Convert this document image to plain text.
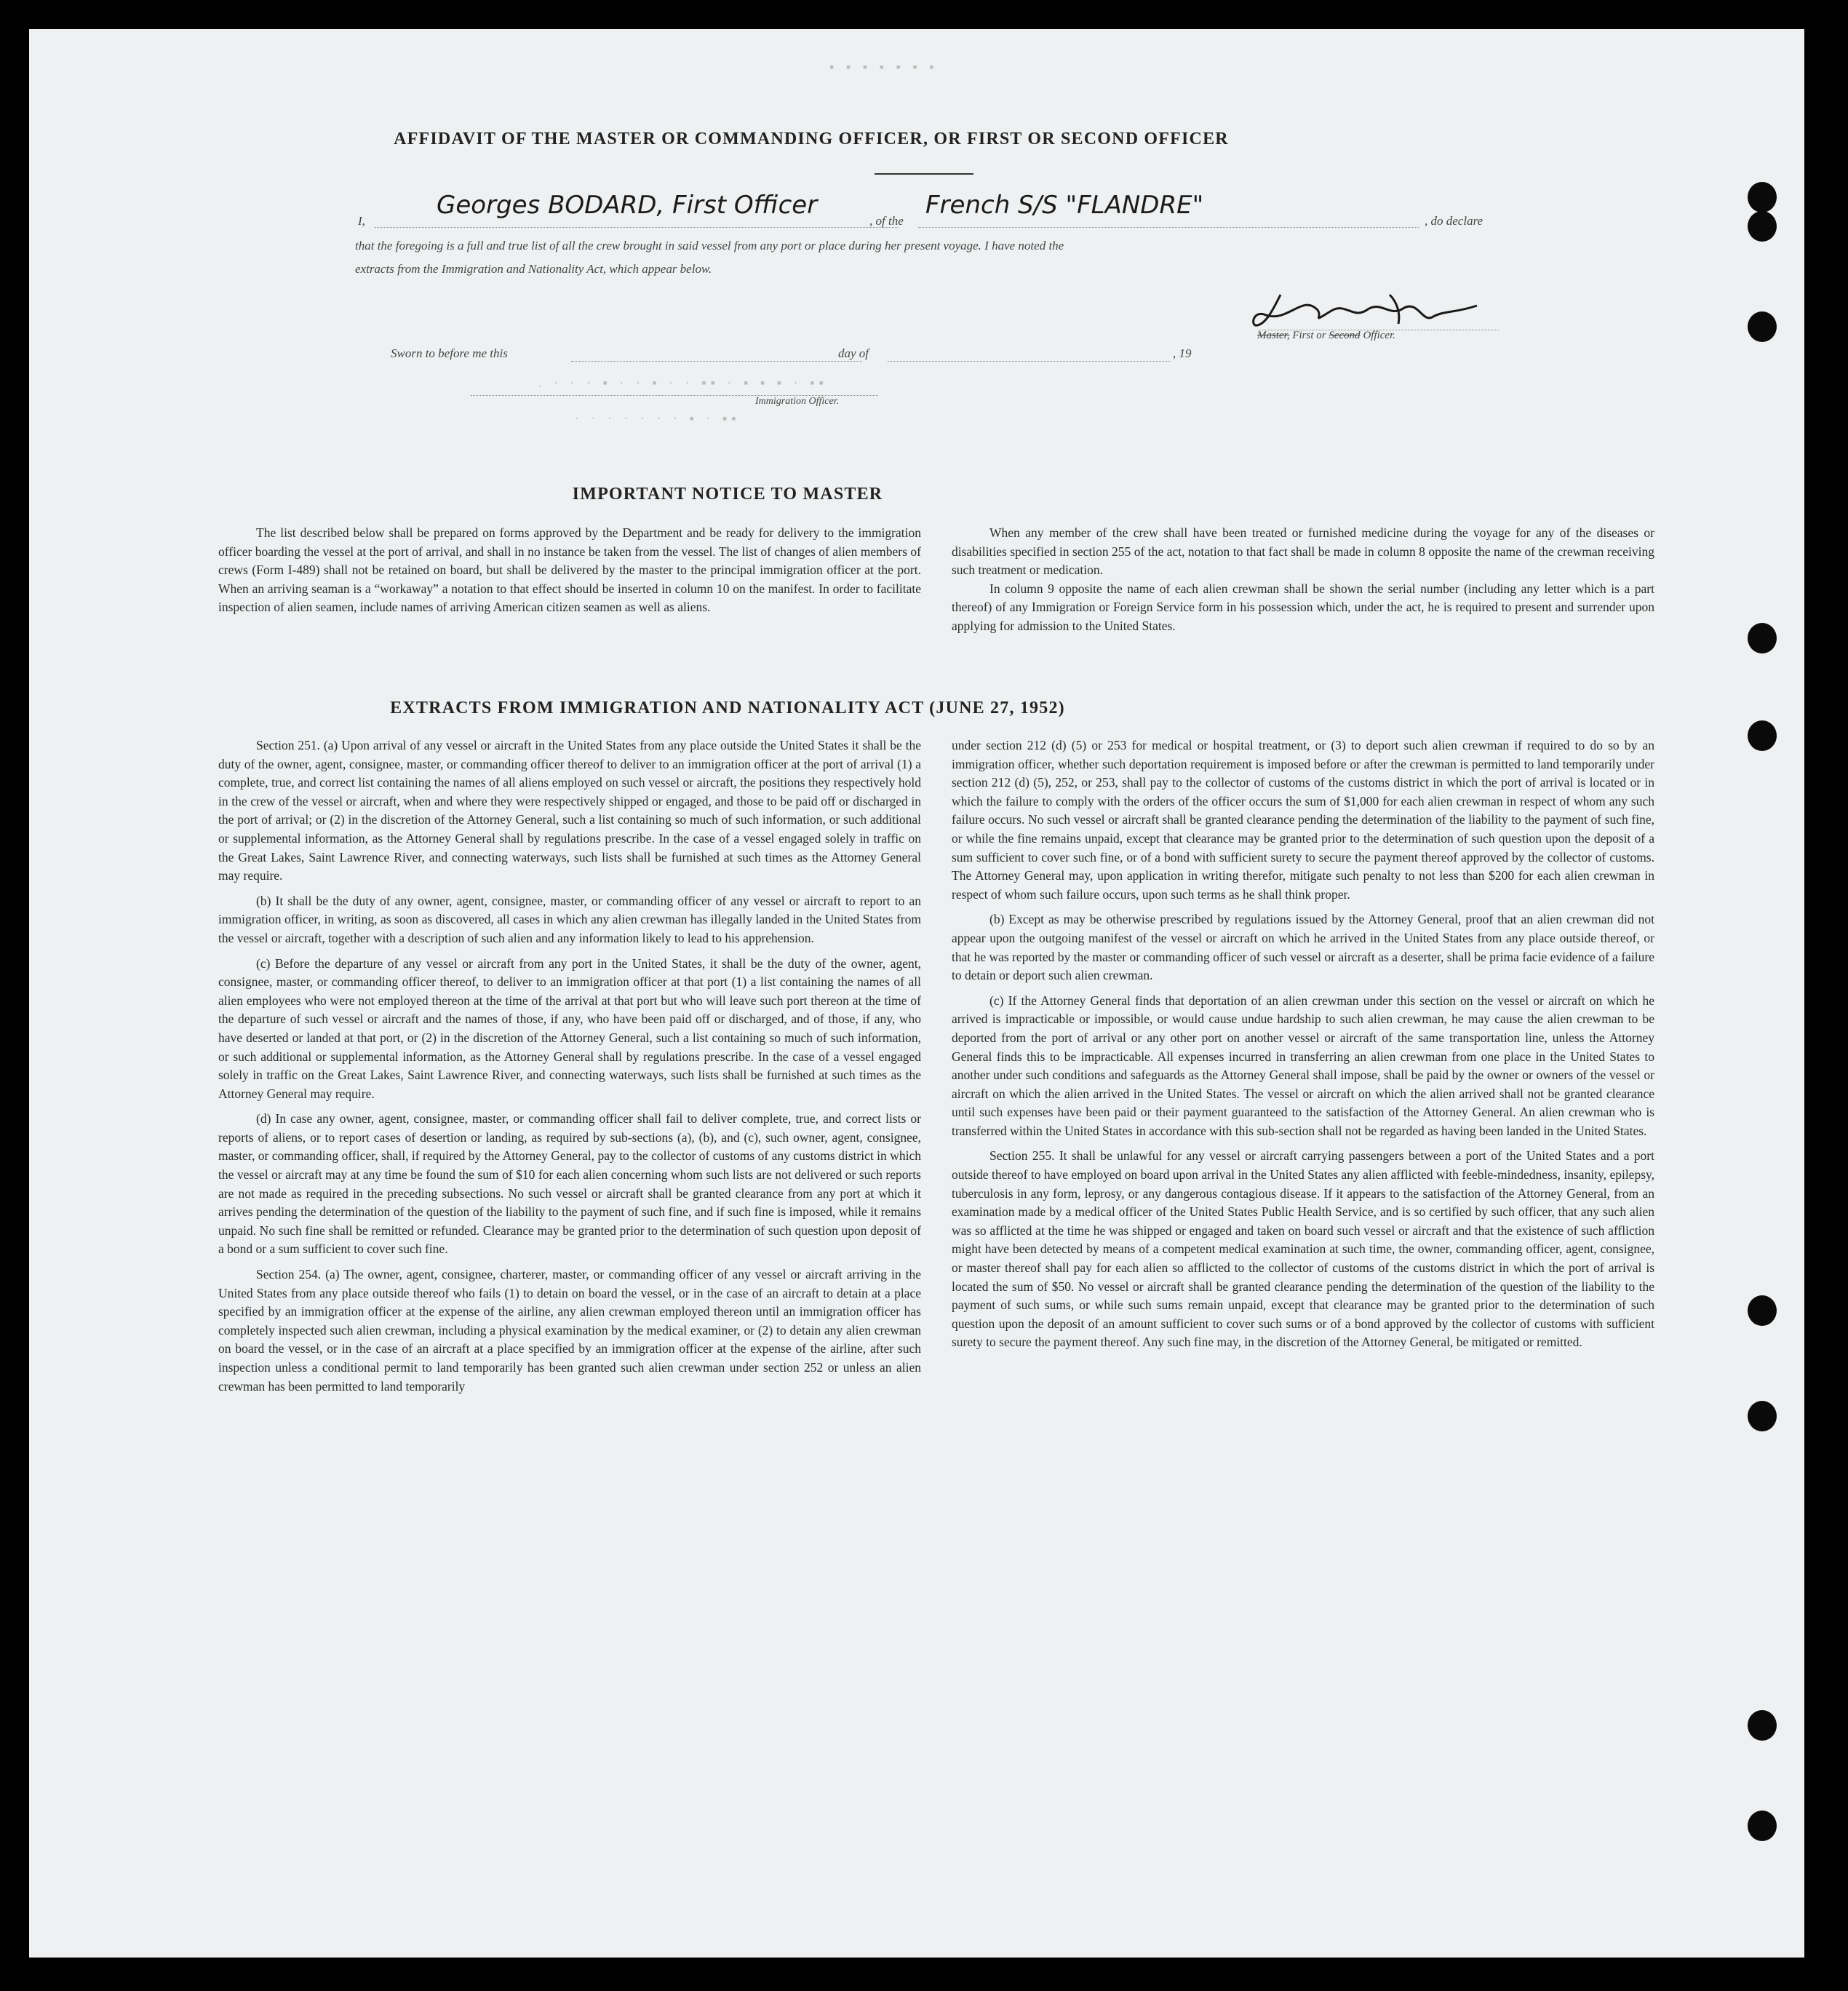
▪ ▪ ▪ ▪ ▪ ▪ ▪
AFFIDAVIT OF THE MASTER OR COMMANDING OFFICER, OR FIRST OR SECOND OFFICER
I,
Georges BODARD, First Officer
, of the
French S/S "FLANDRE"
, do declare
that the foregoing is a full and true list of all the crew brought in said vessel from any port or place during her present voyage. I have noted the
extracts from the Immigration and Nationality Act, which appear below.
Master, First or Second Officer.
Sworn to before me this	day of	, 19
Immigration Officer.
. · · · ▪ · · ▪ · · ▪▪ · ▪ ▪ ▪ · ▪▪
· · · · · · · ▪ · ▪▪
IMPORTANT NOTICE TO MASTER

The list described below shall be prepared on forms approved by the Department and be ready for delivery to the immigration officer boarding the vessel at the port of arrival, and shall in no instance be taken from the vessel. The list of changes of alien members of crews (Form I-489) shall not be retained on board, but shall be delivered by the master to the principal immigration officer at the port. When an arriving seaman is a “workaway” a notation to that effect should be inserted in column 10 on the manifest. In order to facilitate inspection of alien seamen, include names of arriving American citizen seamen as well as aliens.

When any member of the crew shall have been treated or furnished medicine during the voyage for any of the diseases or disabilities specified in section 255 of the act, notation to that fact shall be made in column 8 opposite the name of the crewman receiving such treatment or medication.

In column 9 opposite the name of each alien crewman shall be shown the serial number (including any letter which is a part thereof) of any Immigration or Foreign Service form in his possession which, under the act, he is required to present and surrender upon applying for admission to the United States.

EXTRACTS FROM IMMIGRATION AND NATIONALITY ACT (JUNE 27, 1952)

Section 251. (a) Upon arrival of any vessel or aircraft in the United States from any place outside the United States it shall be the duty of the owner, agent, consignee, master, or commanding officer thereof to deliver to an immigration officer at the port of arrival (1) a complete, true, and correct list containing the names of all aliens employed on such vessel or aircraft, the positions they respectively hold in the crew of the vessel or aircraft, when and where they were respectively shipped or engaged, and those to be paid off or discharged in the port of arrival; or (2) in the discretion of the Attorney General, such a list containing so much of such information, or such additional or supplemental information, as the Attorney General shall by regulations prescribe. In the case of a vessel engaged solely in traffic on the Great Lakes, Saint Lawrence River, and connecting waterways, such lists shall be furnished at such times as the Attorney General may require.

(b) It shall be the duty of any owner, agent, consignee, master, or commanding officer of any vessel or aircraft to report to an immigration officer, in writing, as soon as discovered, all cases in which any alien crewman has illegally landed in the United States from the vessel or aircraft, together with a description of such alien and any information likely to lead to his apprehension.

(c) Before the departure of any vessel or aircraft from any port in the United States, it shall be the duty of the owner, agent, consignee, master, or commanding officer thereof, to deliver to an immigration officer at that port (1) a list containing the names of all alien employees who were not employed thereon at the time of the arrival at that port but who will leave such port thereon at the time of the departure of such vessel or aircraft and the names of those, if any, who have been paid off or discharged, and of those, if any, who have deserted or landed at that port, or (2) in the discretion of the Attorney General, such a list containing so much of such information, or such additional or supplemental information, as the Attorney General shall by regulations prescribe. In the case of a vessel engaged solely in traffic on the Great Lakes, Saint Lawrence River, and connecting waterways, such lists shall be furnished at such times as the Attorney General may require.

(d) In case any owner, agent, consignee, master, or commanding officer shall fail to deliver complete, true, and correct lists or reports of aliens, or to report cases of desertion or landing, as required by sub-sections (a), (b), and (c), such owner, agent, consignee, master, or commanding officer, shall, if required by the Attorney General, pay to the collector of customs of any customs district in which the vessel or aircraft may at any time be found the sum of $10 for each alien concerning whom such lists are not delivered or such reports are not made as required in the preceding subsections. No such vessel or aircraft shall be granted clearance from any port at which it arrives pending the determination of the question of the liability to the payment of such fine, and if such fine is imposed, while it remains unpaid. No such fine shall be remitted or refunded. Clearance may be granted prior to the determination of such question upon deposit of a bond or a sum sufficient to cover such fine.

Section 254. (a) The owner, agent, consignee, charterer, master, or commanding officer of any vessel or aircraft arriving in the United States from any place outside thereof who fails (1) to detain on board the vessel, or in the case of an aircraft to detain at a place specified by an immigration officer at the expense of the airline, any alien crewman employed thereon until an immigration officer has completely inspected such alien crewman, including a physical examination by the medical examiner, or (2) to detain any alien crewman on board the vessel, or in the case of an aircraft at a place specified by an immigration officer at the expense of the airline, after such inspection unless a conditional permit to land temporarily has been granted such alien crewman under section 252 or unless an alien crewman has been permitted to land temporarily

under section 212 (d) (5) or 253 for medical or hospital treatment, or (3) to deport such alien crewman if required to do so by an immigration officer, whether such deportation requirement is imposed before or after the crewman is permitted to land temporarily under section 212 (d) (5), 252, or 253, shall pay to the collector of customs of the customs district in which the port of arrival is located or in which the failure to comply with the orders of the officer occurs the sum of $1,000 for each alien crewman in respect of whom any such failure occurs. No such vessel or aircraft shall be granted clearance pending the determination of the liability to the payment of such fine, or while the fine remains unpaid, except that clearance may be granted prior to the determination of such question upon the deposit of a sum sufficient to cover such fine, or of a bond with sufficient surety to secure the payment thereof approved by the collector of customs. The Attorney General may, upon application in writing therefor, mitigate such penalty to not less than $200 for each alien crewman in respect of whom such failure occurs, upon such terms as he shall think proper.

(b) Except as may be otherwise prescribed by regulations issued by the Attorney General, proof that an alien crewman did not appear upon the outgoing manifest of the vessel or aircraft on which he arrived in the United States from any place outside thereof, or that he was reported by the master or commanding officer of such vessel or aircraft as a deserter, shall be prima facie evidence of a failure to detain or deport such alien crewman.

(c) If the Attorney General finds that deportation of an alien crewman under this section on the vessel or aircraft on which he arrived is impracticable or impossible, or would cause undue hardship to such alien crewman, he may cause the alien crewman to be deported from the port of arrival or any other port on another vessel or aircraft of the same transportation line, unless the Attorney General finds this to be impracticable. All expenses incurred in transferring an alien crewman from one place in the United States to another under such conditions and safeguards as the Attorney General shall impose, shall be paid by the owner or owners of the vessel or aircraft on which the alien arrived in the United States. The vessel or aircraft on which the alien arrived shall not be granted clearance until such expenses have been paid or their payment guaranteed to the satisfaction of the Attorney General. An alien crewman who is transferred within the United States in accordance with this sub-section shall not be regarded as having been landed in the United States.

Section 255. It shall be unlawful for any vessel or aircraft carrying passengers between a port of the United States and a port outside thereof to have employed on board upon arrival in the United States any alien afflicted with feeble-mindedness, insanity, epilepsy, tuberculosis in any form, leprosy, or any dangerous contagious disease. If it appears to the satisfaction of the Attorney General, from an examination made by a medical officer of the United States Public Health Service, and is so certified by such officer, that any such alien was so afflicted at the time he was shipped or engaged and taken on board such vessel or aircraft and that the existence of such affliction might have been detected by means of a competent medical examination at such time, the owner, commanding officer, agent, consignee, or master thereof shall pay for each alien so afflicted to the collector of customs of the customs district in which the port of arrival is located the sum of $50. No vessel or aircraft shall be granted clearance pending the determination of the question of the liability to the payment of such sums, or while such sums remain unpaid, except that clearance may be granted prior to the determination of such question upon the deposit of an amount sufficient to cover such sums or of a bond approved by the collector of customs with sufficient surety to secure the payment thereof. Any such fine may, in the discretion of the Attorney General, be mitigated or remitted.
